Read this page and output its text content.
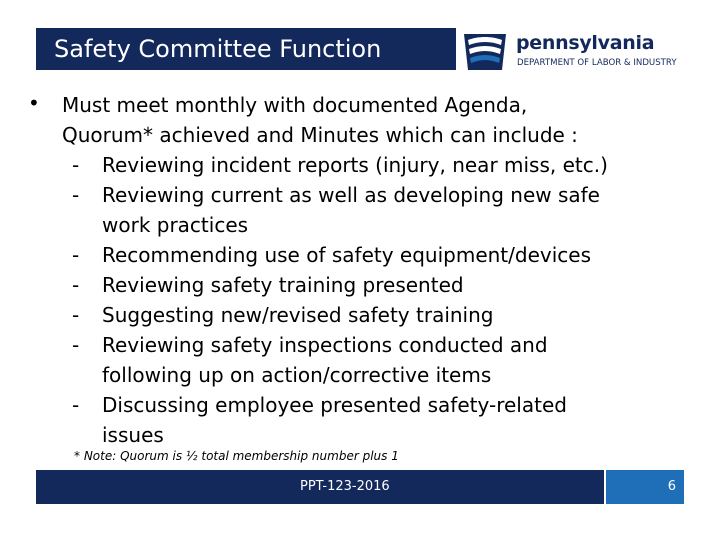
Safety Committee Function	pennsylvania
DEPARTMENT OF LABOR & INDUSTRY
• Must meet monthly with documented Agenda,
Quorum* achieved and Minutes which can include :
- Reviewing incident reports (injury, near miss, etc.)
- Reviewing current as well as developing new safe
work practices
- Recommending use of safety equipment/devices
- Reviewing safety training presented
- Suggesting new/revised safety training
- Reviewing safety inspections conducted and
following up on action/corrective items
- Discussing employee presented safety-related
issues
* Note: Quorum is ½ total membership number plus 1
PPT-123-2016	6
